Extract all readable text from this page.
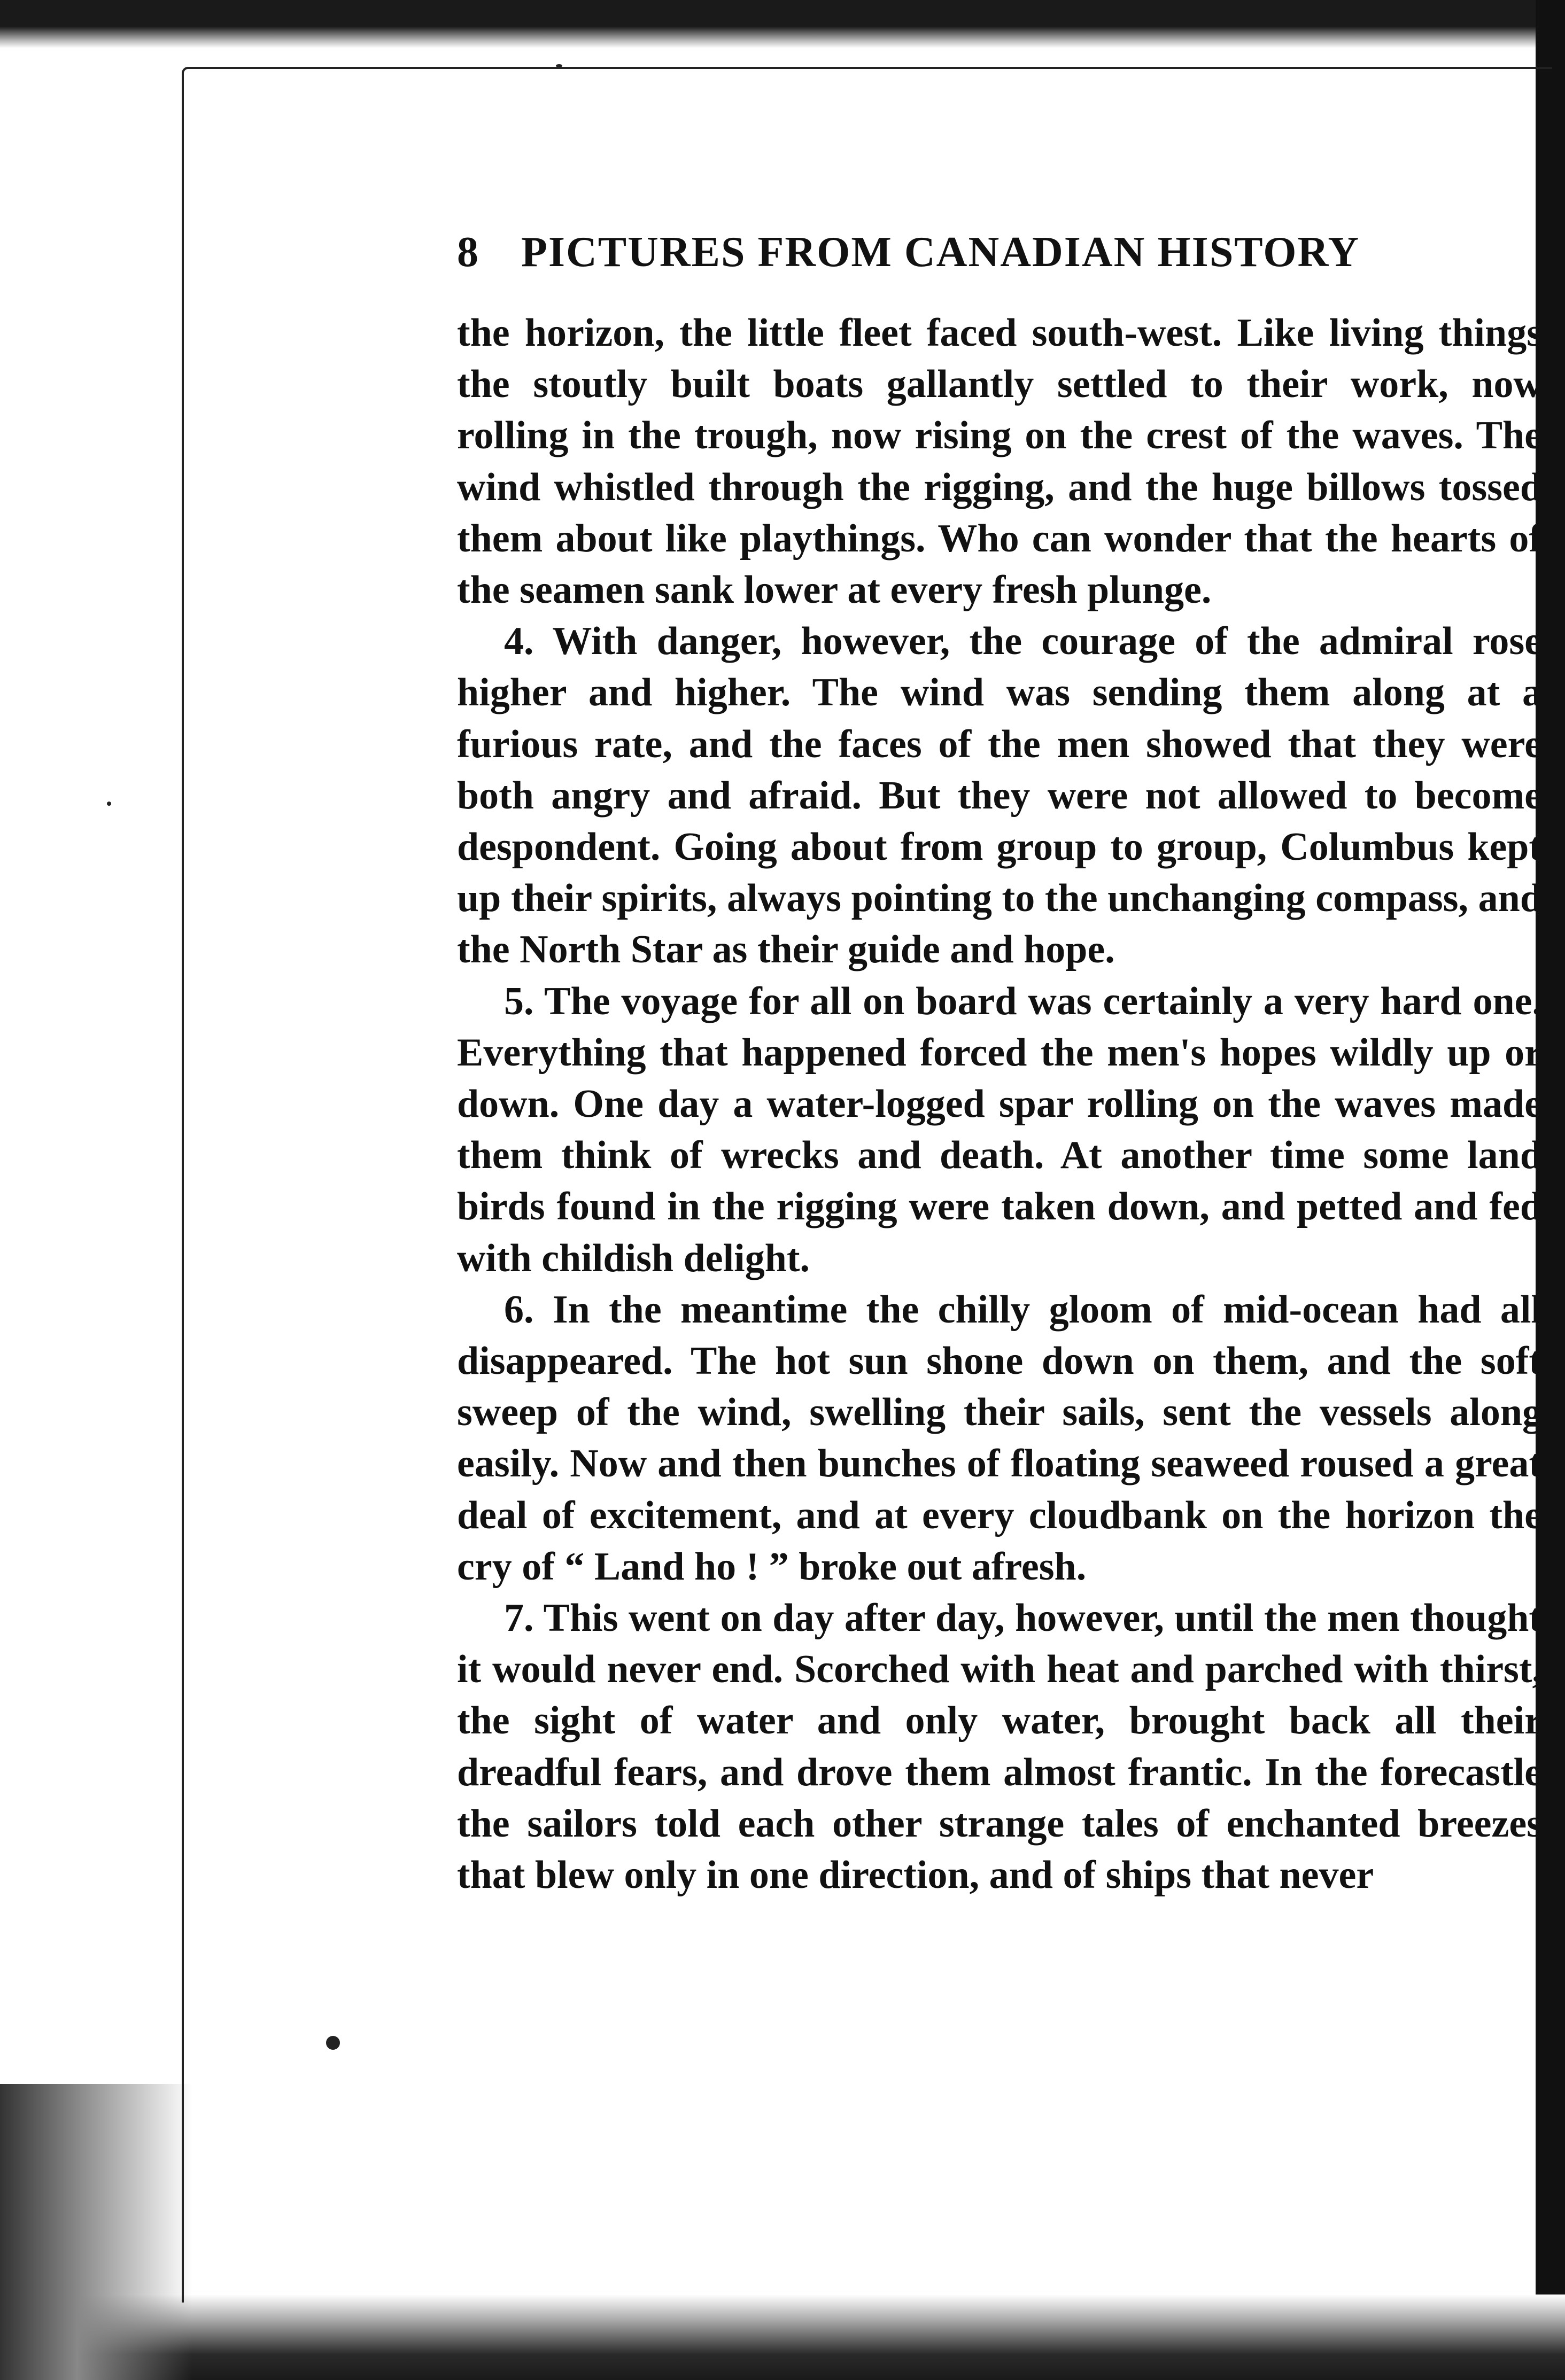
8 PICTURES FROM CANADIAN HISTORY

the horizon, the little fleet faced south-west. Like living things the stoutly built boats gallantly settled to their work, now rolling in the trough, now rising on the crest of the waves. The wind whistled through the rigging, and the huge billows tossed them about like playthings. Who can wonder that the hearts of the seamen sank lower at every fresh plunge.

4. With danger, however, the courage of the admiral rose higher and higher. The wind was sending them along at a furious rate, and the faces of the men showed that they were both angry and afraid. But they were not allowed to become despondent. Going about from group to group, Columbus kept up their spirits, always pointing to the unchanging compass, and the North Star as their guide and hope.

5. The voyage for all on board was certainly a very hard one. Everything that happened forced the men's hopes wildly up or down. One day a water-logged spar rolling on the waves made them think of wrecks and death. At another time some land birds found in the rigging were taken down, and petted and fed with childish delight.

6. In the meantime the chilly gloom of mid-ocean had all disappeared. The hot sun shone down on them, and the soft sweep of the wind, swelling their sails, sent the vessels along easily. Now and then bunches of floating seaweed roused a great deal of excitement, and at every cloudbank on the horizon the cry of “ Land ho ! ” broke out afresh.

7. This went on day after day, however, until the men thought it would never end. Scorched with heat and parched with thirst, the sight of water and only water, brought back all their dreadful fears, and drove them almost frantic. In the forecastle the sailors told each other strange tales of enchanted breezes that blew only in one direction, and of ships that never
